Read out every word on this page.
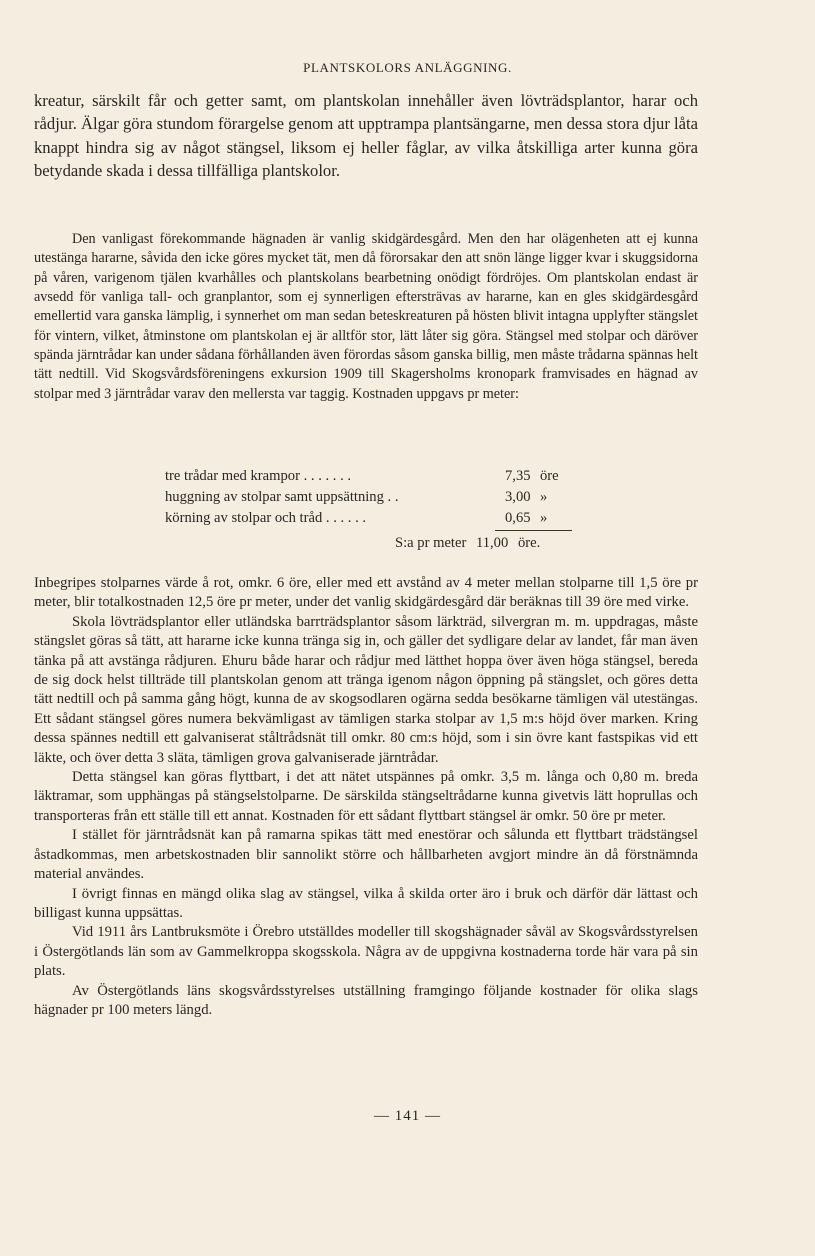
PLANTSKOLORS ANLÄGGNING.

kreatur, särskilt får och getter samt, om plantskolan innehåller även lövträdsplantor, harar och rådjur. Älgar göra stundom förargelse genom att upptrampa plantsängarne, men dessa stora djur låta knappt hindra sig av något stängsel, liksom ej heller fåglar, av vilka åtskilliga arter kunna göra betydande skada i dessa tillfälliga plantskolor.

Den vanligast förekommande hägnaden är vanlig skidgärdesgård. Men den har olägenheten att ej kunna utestänga hararne, såvida den icke göres mycket tät, men då förorsakar den att snön länge ligger kvar i skuggsidorna på våren, varigenom tjälen kvarhålles och plantskolans bearbetning onödigt fördröjes. Om plantskolan endast är avsedd för vanliga tall- och granplantor, som ej synnerligen eftersträvas av hararne, kan en gles skidgärdesgård emellertid vara ganska lämplig, i synnerhet om man sedan beteskreaturen på hösten blivit intagna upplyfter stängslet för vintern, vilket, åtminstone om plantskolan ej är alltför stor, lätt låter sig göra. Stängsel med stolpar och däröver spända järntrådar kan under sådana förhållanden även förordas såsom ganska billig, men måste trådarna spännas helt tätt nedtill. Vid Skogsvårdsföreningens exkursion 1909 till Skagersholms kronopark framvisades en hägnad av stolpar med 3 järntrådar varav den mellersta var taggig. Kostnaden uppgavs pr meter:

tre trådar med krampor . . . . . . .	7,35 öre
huggning av stolpar samt uppsättning . .	3,00 »
körning av stolpar och tråd . . . . . .	0,65 »
S:a pr meter 11,00 öre.

Inbegripes stolparnes värde å rot, omkr. 6 öre, eller med ett avstånd av 4 meter mellan stolparne till 1,5 öre pr meter, blir totalkostnaden 12,5 öre pr meter, under det vanlig skidgärdesgård där beräknas till 39 öre med virke.

Skola lövträdsplantor eller utländska barrträdsplantor såsom lärkträd, silvergran m. m. uppdragas, måste stängslet göras så tätt, att hararne icke kunna tränga sig in, och gäller det sydligare delar av landet, får man även tänka på att avstänga rådjuren. Ehuru både harar och rådjur med lätthet hoppa över även höga stängsel, bereda de sig dock helst tillträde till plantskolan genom att tränga igenom någon öppning på stängslet, och göres detta tätt nedtill och på samma gång högt, kunna de av skogsodlaren ogärna sedda besökarne tämligen väl utestängas. Ett sådant stängsel göres numera bekvämligast av tämligen starka stolpar av 1,5 m:s höjd över marken. Kring dessa spännes nedtill ett galvaniserat ståltrådsnät till omkr. 80 cm:s höjd, som i sin övre kant fastspikas vid ett läkte, och över detta 3 släta, tämligen grova galvaniserade järntrådar.

Detta stängsel kan göras flyttbart, i det att nätet utspännes på omkr. 3,5 m. långa och 0,80 m. breda läktramar, som upphängas på stängselstolparne. De särskilda stängseltrådarne kunna givetvis lätt hoprullas och transporteras från ett ställe till ett annat. Kostnaden för ett sådant flyttbart stängsel är omkr. 50 öre pr meter.

I stället för järntrådsnät kan på ramarna spikas tätt med enestörar och sålunda ett flyttbart trädstängsel åstadkommas, men arbetskostnaden blir sannolikt större och hållbarheten avgjort mindre än då förstnämnda material användes.

I övrigt finnas en mängd olika slag av stängsel, vilka å skilda orter äro i bruk och därför där lättast och billigast kunna uppsättas.

Vid 1911 års Lantbruksmöte i Örebro utställdes modeller till skogshägnader såväl av Skogsvårdsstyrelsen i Östergötlands län som av Gammelkroppa skogsskola. Några av de uppgivna kostnaderna torde här vara på sin plats.

Av Östergötlands läns skogsvårdsstyrelses utställning framgingo följande kostnader för olika slags hägnader pr 100 meters längd.

— 141 —
